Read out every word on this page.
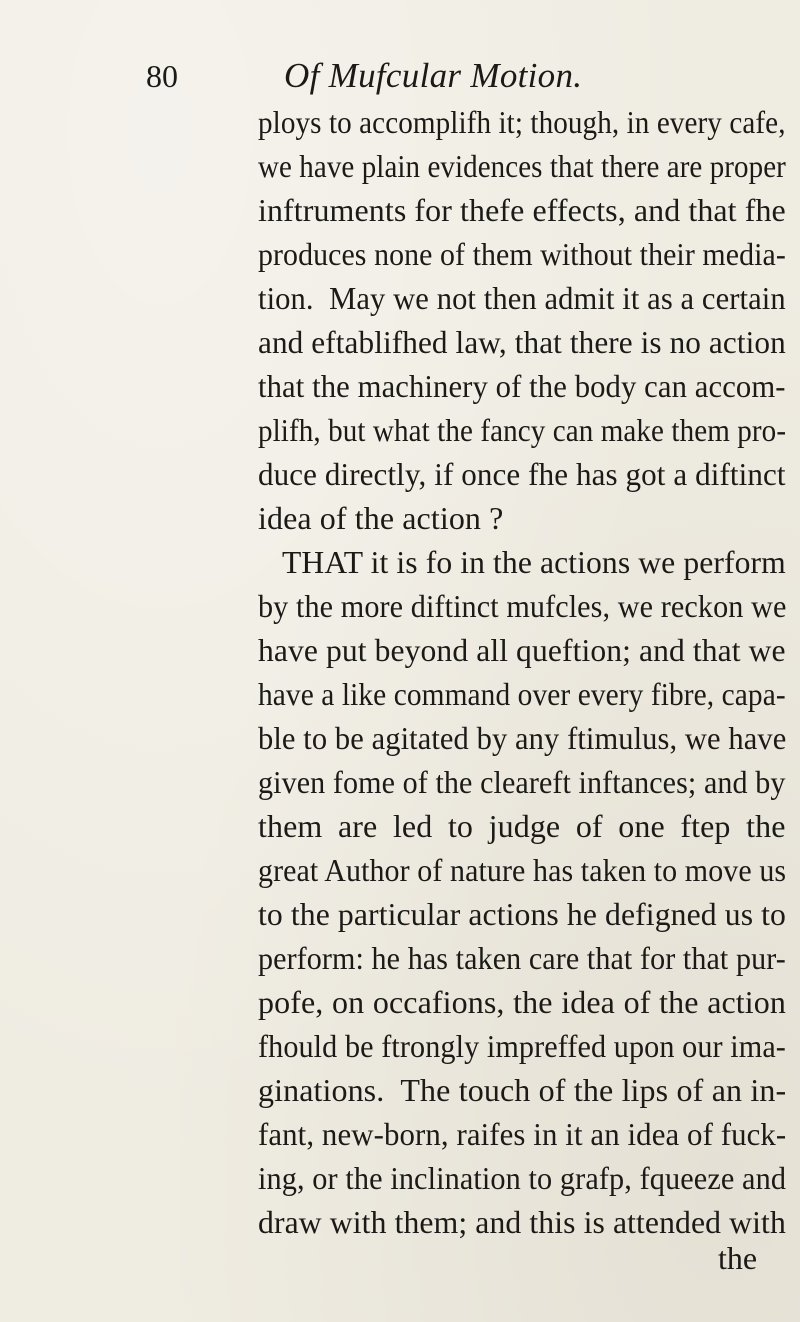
80	Of Mufcular Motion.
ploys to accomplifh it; though, in every cafe,
we have plain evidences that there are proper
inftruments for thefe effects, and that fhe
produces none of them without their media-
tion.  May we not then admit it as a certain
and eftablifhed law, that there is no action
that the machinery of the body can accom-
plifh, but what the fancy can make them pro-
duce directly, if once fhe has got a diftinct
idea of the action ?
THAT it is fo in the actions we perform
by the more diftinct mufcles, we reckon we
have put beyond all queftion; and that we
have a like command over every fibre, capa-
ble to be agitated by any ftimulus, we have
given fome of the cleareft inftances; and by
them are led to judge of one ftep the
great Author of nature has taken to move us
to the particular actions he defigned us to
perform: he has taken care that for that pur-
pofe, on occafions, the idea of the action
fhould be ftrongly impreffed upon our ima-
ginations.  The touch of the lips of an in-
fant, new-born, raifes in it an idea of fuck-
ing, or the inclination to grafp, fqueeze and
draw with them; and this is attended with
the
